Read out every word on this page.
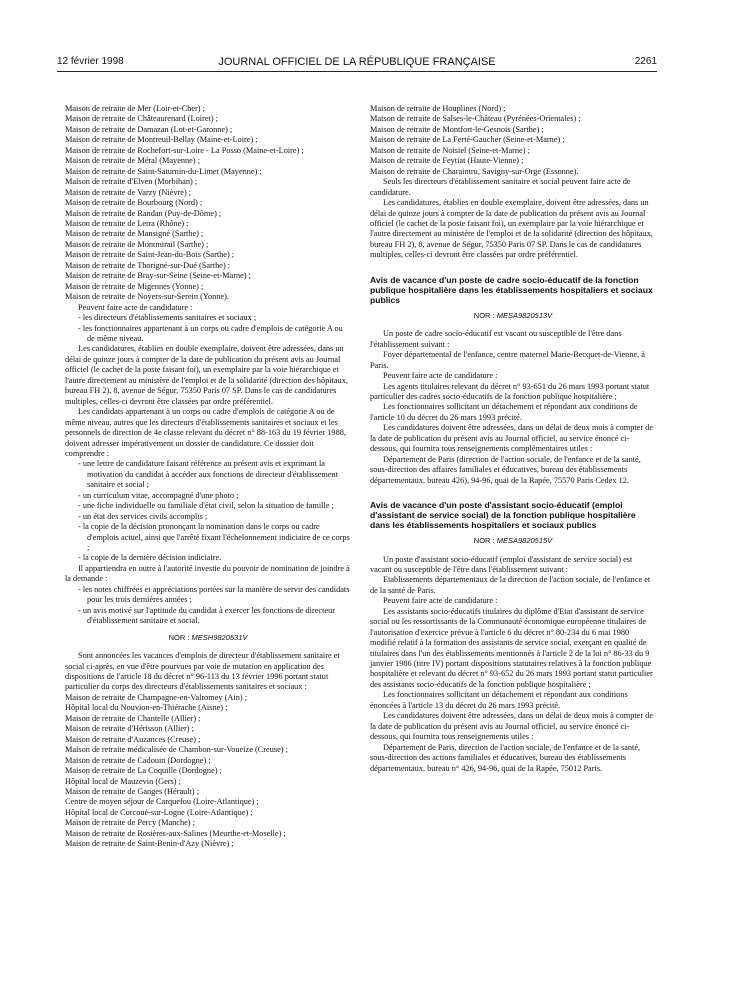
12 février 1998	JOURNAL OFFICIEL DE LA RÉPUBLIQUE FRANÇAISE	2261

Maison de retraite de Mer (Loir-et-Cher) ;

Maison de retraite de Châteaurenard (Loiret) ;

Maison de retraite de Damazan (Lot-et-Garonne) ;

Maison de retraite de Montreuil-Bellay (Maine-et-Loire) ;

Maison de retraite de Rochefort-sur-Loire - La Posso (Maine-et-Loire) ;

Maison de retraite de Méral (Mayenne) ;

Maison de retraite de Saint-Saturnin-du-Limet (Mayenne) ;

Maison de retraite d'Elven (Morbihan) ;

Maison de retraite de Varzy (Nièvre) ;

Maison de retraite de Bourbourg (Nord) ;

Maison de retraite de Randan (Puy-de-Dôme) ;

Maison de retraite de Letra (Rhône) ;

Maison de retraite de Mansigné (Sarthe) ;

Maison de retraite de Montmirail (Sarthe) ;

Maison de retraite de Saint-Jean-du-Bois (Sarthe) ;

Maison de retraite de Thorigné-sur-Dué (Sarthe) ;

Maison de retraite de Bray-sur-Seine (Seine-et-Marne) ;

Maison de retraite de Migennes (Yonne) ;

Maison de retraite de Noyers-sur-Serein (Yonne).

Peuvent faire acte de candidature :

- les directeurs d'établissements sanitaires et sociaux ;

- les fonctionnaires appartenant à un corps ou cadre d'emplois de catégorie A ou de même niveau.

Les candidatures, établies en double exemplaire, doivent être adressées, dans un délai de quinze jours à compter de la date de publication du présent avis au Journal officiel (le cachet de la poste faisant foi), un exemplaire par la voie hiérarchique et l'autre directement au ministère de l'emploi et de la solidarité (direction des hôpitaux, bureau FH 2), 8, avenue de Ségur, 75350 Paris 07 SP. Dans le cas de candidatures multiples, celles-ci devront être classées par ordre préférentiel.

Les candidats appartenant à un corps ou cadre d'emplois de catégorie A ou de même niveau, autres que les directeurs d'établissements sanitaires et sociaux et les personnels de direction de 4e classe relevant du décret n° 88-163 du 19 février 1988, doivent adresser impérativement un dossier de candidature. Ce dossier doit comprendre :

- une lettre de candidature faisant référence au présent avis et exprimant la motivation du candidat à accéder aux fonctions de directeur d'établissement sanitaire et social ;

- un curriculum vitae, accompagné d'une photo ;

- une fiche individuelle ou familiale d'état civil, selon la situation de famille ;

- un état des services civils accomplis ;

- la copie de la décision prononçant la nomination dans le corps ou cadre d'emplois actuel, ainsi que l'arrêté fixant l'échelonnement indiciaire de ce corps ;

- la copie de la dernière décision indiciaire.

Il appartiendra en outre à l'autorité investie du pouvoir de nomination de joindre à la demande :

- les notes chiffrées et appréciations portées sur la manière de servir des candidats pour les trois dernières années ;

- un avis motivé sur l'aptitude du candidat à exercer les fonctions de directeur d'établissement sanitaire et social.

NOR : MESH9820531V

Sont annoncées les vacances d'emplois de directeur d'établissement sanitaire et social ci-après, en vue d'être pourvues par voie de mutation en application des dispositions de l'article 18 du décret n° 96-113 du 13 février 1996 portant statut particulier du corps des directeurs d'établissements sanitaires et sociaux :

Maison de retraite de Champagne-en-Valromey (Ain) ;

Hôpital local du Nouvion-en-Thiérache (Aisne) ;

Maison de retraite de Chantelle (Allier) ;

Maison de retraite d'Hérisson (Allier) ;

Maison de retraite d'Auzances (Creuse) ;

Maison de retraite médicalisée de Chambon-sur-Voueize (Creuse) ;

Maison de retraite de Cadouin (Dordogne) ;

Maison de retraite de La Coquille (Dordogne) ;

Hôpital local de Mauzevin (Gers) ;

Maison de retraite de Ganges (Hérault) ;

Centre de moyen séjour de Carquefou (Loire-Atlantique) ;

Hôpital local de Corcoué-sur-Logne (Loire-Atlantique) ;

Maison de retraite de Percy (Manche) ;

Maison de retraite de Rosières-aux-Salines (Meurthe-et-Moselle) ;

Maison de retraite de Saint-Benin-d'Azy (Nièvre) ;

Maison de retraite de Houplines (Nord) ;

Maison de retraite de Salses-le-Château (Pyrénées-Orientales) ;

Maison de retraite de Montfort-le-Gesnois (Sarthe) ;

Maison de retraite de La Ferté-Gaucher (Seine-et-Marne) ;

Maison de retraite de Noisiel (Seine-et-Marne) ;

Maison de retraite de Feytiat (Haute-Vienne) ;

Maison de retraite de Charaintru, Savigny-sur-Orge (Essonne).

Seuls les directeurs d'établissement sanitaire et social peuvent faire acte de candidature.

Les candidatures, établies en double exemplaire, doivent être adressées, dans un délai de quinze jours à compter de la date de publication du présent avis au Journal officiel (le cachet de la poste faisant foi), un exemplaire par la voie hiérarchique et l'autre directement au ministère de l'emploi et de la solidarité (direction des hôpitaux, bureau FH 2), 8, avenue de Ségur, 75350 Paris 07 SP. Dans le cas de candidatures multiples, celles-ci devront être classées par ordre préférentiel.

Avis de vacance d'un poste de cadre socio-éducatif de la fonction publique hospitalière dans les établissements hospitaliers et sociaux publics
NOR : MESA9820513V

Un poste de cadre socio-éducatif est vacant ou susceptible de l'être dans l'établissement suivant :

Foyer départemental de l'enfance, centre maternel Marie-Becquet-de-Vienne, à Paris.

Peuvent faire acte de candidature :

Les agents titulaires relevant du décret n° 93-651 du 26 mars 1993 portant statut particulier des cadres socio-éducatifs de la fonction publique hospitalière ;

Les fonctionnaires sollicitant un détachement et répondant aux conditions de l'article 10 du décret du 26 mars 1993 précité.

Les candidatures doivent être adressées, dans un délai de deux mois à compter de la date de publication du présent avis au Journal officiel, au service énoncé ci-dessous, qui fournira tous renseignements complémentaires utiles :

Département de Paris (direction de l'action sociale, de l'enfance et de la santé, sous-direction des affaires familiales et éducatives, bureau des établissements départementaux, bureau 426), 94-96, quai de la Rapée, 75570 Paris Cedex 12.

Avis de vacance d'un poste d'assistant socio-éducatif (emploi d'assistant de service social) de la fonction publique hospitalière dans les établissements hospitaliers et sociaux publics
NOR : MESA9820515V

Un poste d'assistant socio-éducatif (emploi d'assistant de service social) est vacant ou susceptible de l'être dans l'établissement suivant :

Etablissements départementaux de la direction de l'action sociale, de l'enfance et de la santé de Paris.

Peuvent faire acte de candidature :

Les assistants socio-éducatifs titulaires du diplôme d'Etat d'assistant de service social ou les ressortissants de la Communauté économique européenne titulaires de l'autorisation d'exercice prévue à l'article 6 du décret n° 80-234 du 6 mai 1980 modifié relatif à la formation des assistants de service social, exerçant en qualité de titulaires dans l'un des établissements mentionnés à l'article 2 de la loi n° 86-33 du 9 janvier 1986 (titre IV) portant dispositions statutaires relatives à la fonction publique hospitalière et relevant du décret n° 93-652 du 26 mars 1993 portant statut particulier des assistants socio-éducatifs de la fonction publique hospitalière ;

Les fonctionnaires sollicitant un détachement et répondant aux conditions énoncées à l'article 13 du décret du 26 mars 1993 précité.

Les candidatures doivent être adressées, dans un délai de deux mois à compter de la date de publication du présent avis au Journal officiel, au service énoncé ci-dessous, qui fournira tous renseignements utiles :

Département de Paris, direction de l'action sociale, de l'enfance et de la santé, sous-direction des actions familiales et éducatives, bureau des établissements départementaux, bureau n° 426, 94-96, quai de la Rapée, 75012 Paris.
